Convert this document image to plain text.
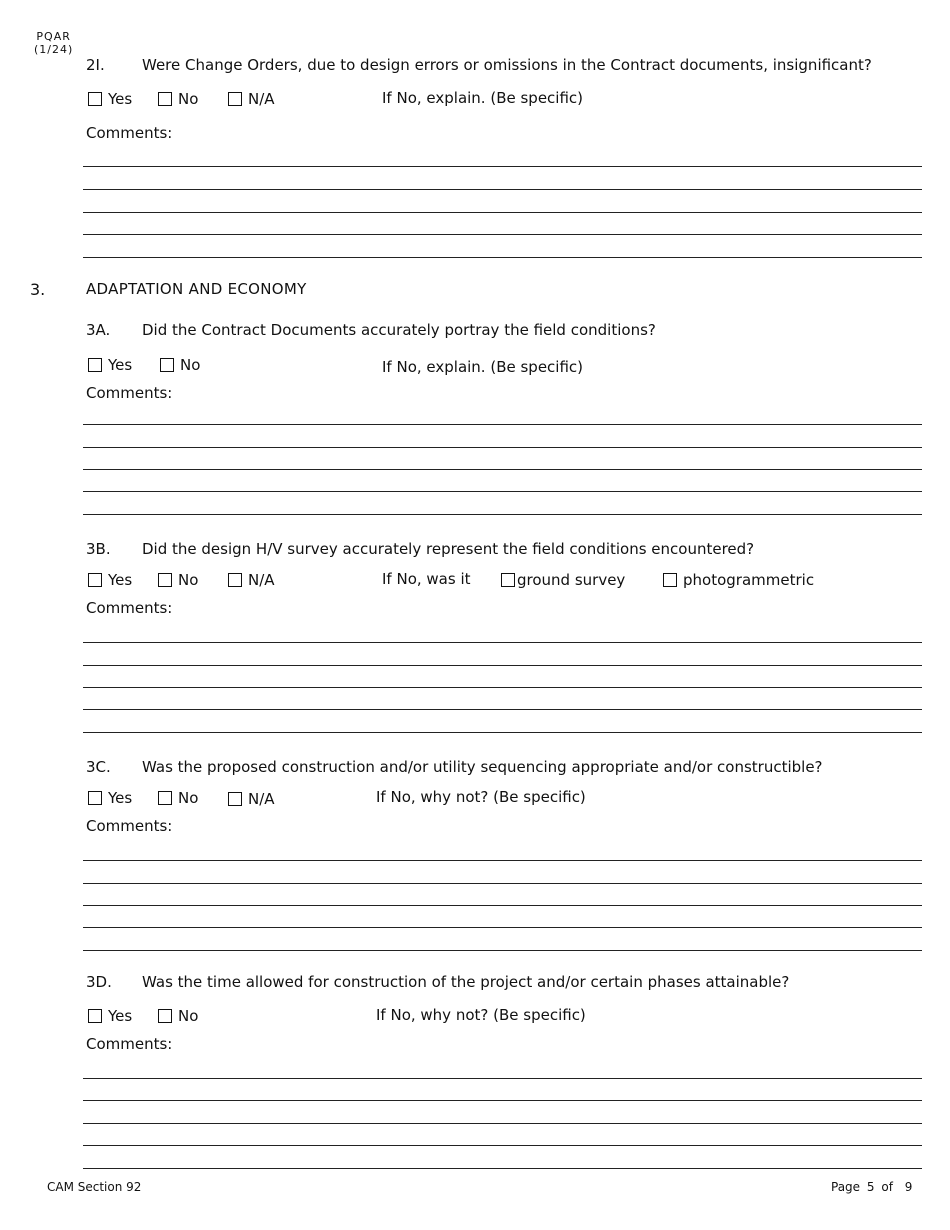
PQAR
(1/24)
2I. Were Change Orders, due to design errors or omissions in the Contract documents, insignificant?
Yes	No	N/A	If No, explain. (Be specific)
Comments:
3.	ADAPTATION AND ECONOMY
3A. Did the Contract Documents accurately portray the field conditions?
Yes	No	If No, explain. (Be specific)
Comments:
3B. Did the design H/V survey accurately represent the field conditions encountered?
Yes	No	N/A	If No, was it	ground survey	photogrammetric
Comments:
3C. Was the proposed construction and/or utility sequencing appropriate and/or constructible?
Yes	No	N/A	If No, why not? (Be specific)
Comments:
3D. Was the time allowed for construction of the project and/or certain phases attainable?
Yes	No	If No, why not? (Be specific)
Comments:
CAM Section 92	Page 5 of 9
